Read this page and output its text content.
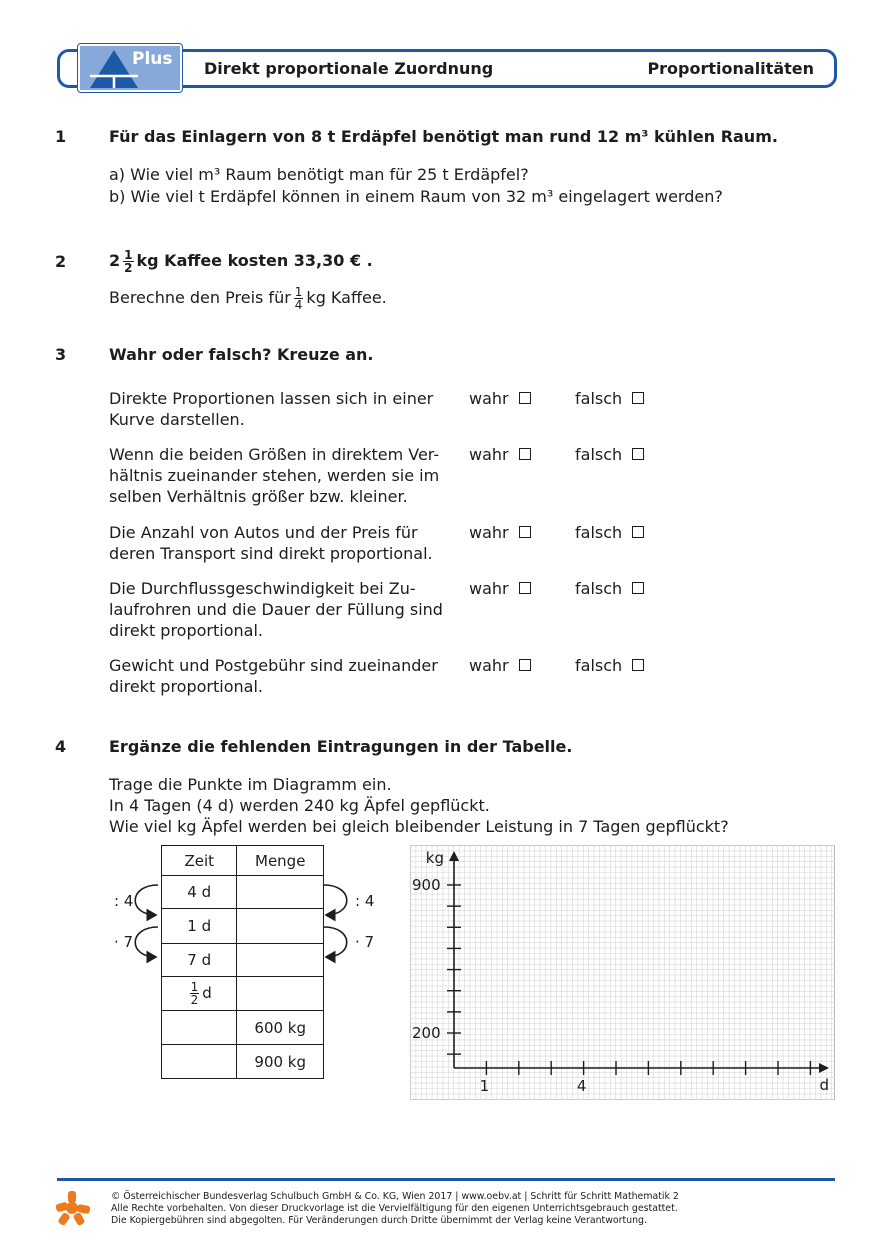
Plus Direkt proportionale Zuordnung	Proportionalitäten
1	Für das Einlagern von 8 t Erdäpfel benötigt man rund 12 m³ kühlen Raum.
a) Wie viel m³ Raum benötigt man für 25 t Erdäpfel?
b) Wie viel t Erdäpfel können in einem Raum von 32 m³ eingelagert werden?
2	$2 \frac{1}{2}$ kg Kaffee kosten 33,30 € .
Berechne den Preis für $\frac{1}{4}$ kg Kaffee.
3	Wahr oder falsch? Kreuze an.
Direkte Proportionen lassen sich in einer
Kurve darstellen.
wahr	falsch
Wenn die beiden Größen in direktem Ver-
hältnis zueinander stehen, werden sie im
selben Verhältnis größer bzw. kleiner.
wahr	falsch
Die Anzahl von Autos und der Preis für
deren Transport sind direkt proportional.
wahr	falsch
Die Durchflussgeschwindigkeit bei Zu-
laufrohren und die Dauer der Füllung sind
direkt proportional.
wahr	falsch
Gewicht und Postgebühr sind zueinander
direkt proportional.
wahr	falsch
4	Ergänze die fehlenden Eintragungen in der Tabelle.
Trage die Punkte im Diagramm ein.
In 4 Tagen (4 d) werden 240 kg Äpfel gepflückt.
Wie viel kg Äpfel werden bei gleich bleibender Leistung in 7 Tagen gepflückt?
Zeit	Menge
4 d	
1 d	
7 d	

$\frac{1}{2}$ d	
	600 kg
	900 kg
: 4
· 7
: 4
· 7
1	4
200
900
kg
d
© Österreichischer Bundesverlag Schulbuch GmbH & Co. KG, Wien 2017 | www.oebv.at | Schritt für Schritt Mathematik 2
Alle Rechte vorbehalten. Von dieser Druckvorlage ist die Vervielfältigung für den eigenen Unterrichtsgebrauch gestattet.
Die Kopiergebühren sind abgegolten. Für Veränderungen durch Dritte übernimmt der Verlag keine Verantwortung.
